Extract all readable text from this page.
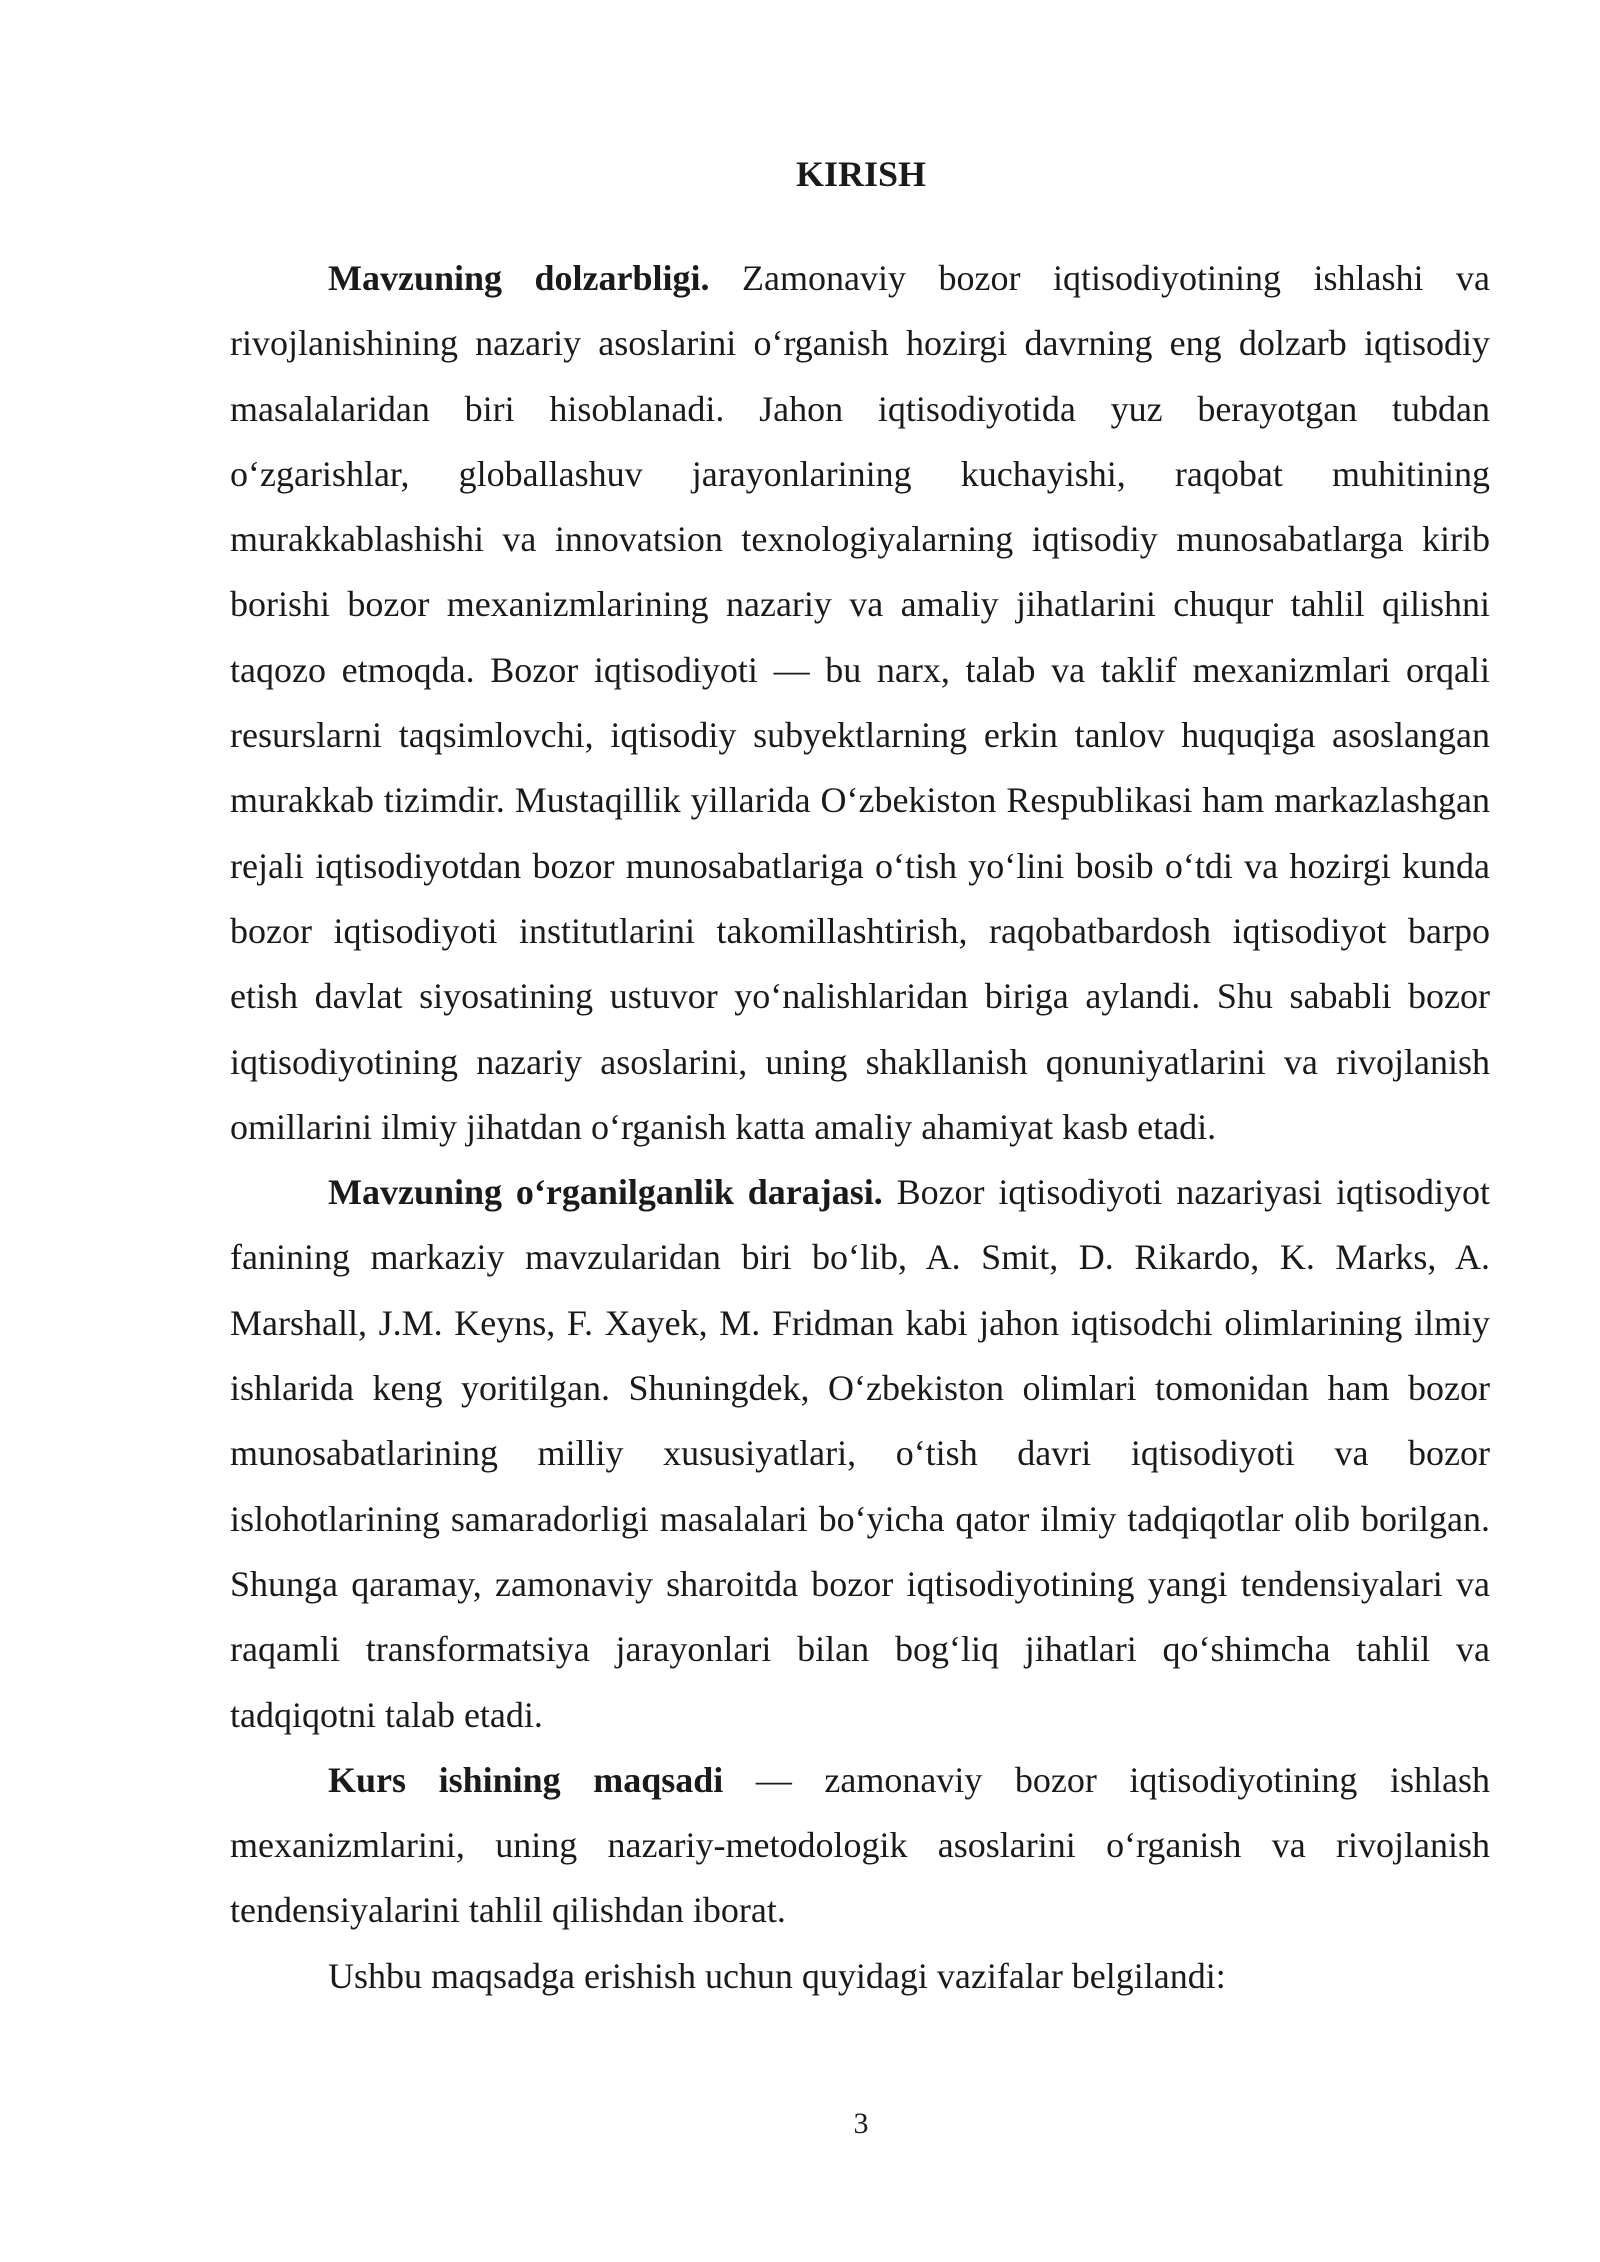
KIRISH

Mavzuning dolzarbligi. Zamonaviy bozor iqtisodiyotining ishlashi va rivojlanishining nazariy asoslarini o‘rganish hozirgi davrning eng dolzarb iqtisodiy masalalaridan biri hisoblanadi. Jahon iqtisodiyotida yuz berayotgan tubdan o‘zgarishlar, globallashuv jarayonlarining kuchayishi, raqobat muhitining murakkablashishi va innovatsion texnologiyalarning iqtisodiy munosabatlarga kirib borishi bozor mexanizmlarining nazariy va amaliy jihatlarini chuqur tahlil qilishni taqozo etmoqda. Bozor iqtisodiyoti — bu narx, talab va taklif mexanizmlari orqali resurslarni taqsimlovchi, iqtisodiy subyektlarning erkin tanlov huquqiga asoslangan murakkab tizimdir. Mustaqillik yillarida O‘zbekiston Respublikasi ham markazlashgan rejali iqtisodiyotdan bozor munosabatlariga o‘tish yo‘lini bosib o‘tdi va hozirgi kunda bozor iqtisodiyoti institutlarini takomillashtirish, raqobatbardosh iqtisodiyot barpo etish davlat siyosatining ustuvor yo‘nalishlaridan biriga aylandi. Shu sababli bozor iqtisodiyotining nazariy asoslarini, uning shakllanish qonuniyatlarini va rivojlanish omillarini ilmiy jihatdan o‘rganish katta amaliy ahamiyat kasb etadi.

Mavzuning o‘rganilganlik darajasi. Bozor iqtisodiyoti nazariyasi iqtisodiyot fanining markaziy mavzularidan biri bo‘lib, A. Smit, D. Rikardo, K. Marks, A. Marshall, J.M. Keyns, F. Xayek, M. Fridman kabi jahon iqtisodchi olimlarining ilmiy ishlarida keng yoritilgan. Shuningdek, O‘zbekiston olimlari tomonidan ham bozor munosabatlarining milliy xususiyatlari, o‘tish davri iqtisodiyoti va bozor islohotlarining samaradorligi masalalari bo‘yicha qator ilmiy tadqiqotlar olib borilgan. Shunga qaramay, zamonaviy sharoitda bozor iqtisodiyotining yangi tendensiyalari va raqamli transformatsiya jarayonlari bilan bog‘liq jihatlari qo‘shimcha tahlil va tadqiqotni talab etadi.

Kurs ishining maqsadi — zamonaviy bozor iqtisodiyotining ishlash mexanizmlarini, uning nazariy-metodologik asoslarini o‘rganish va rivojlanish tendensiyalarini tahlil qilishdan iborat.

Ushbu maqsadga erishish uchun quyidagi vazifalar belgilandi:

3
